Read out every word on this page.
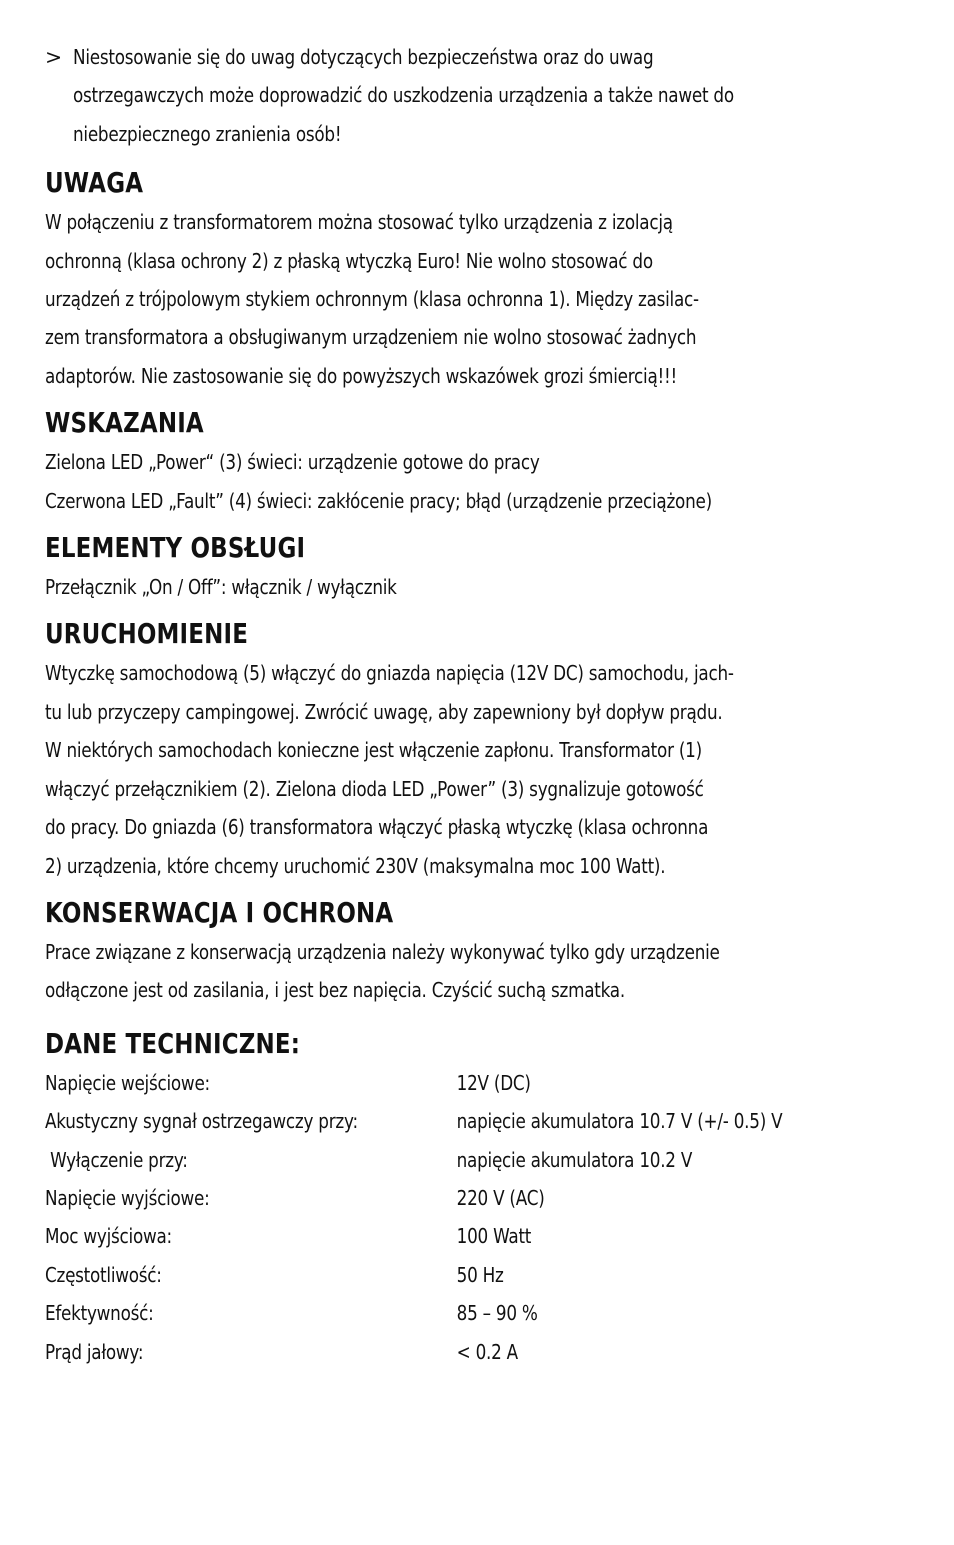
> Niestosowanie się do uwag dotyczących bezpieczeństwa oraz do uwag
ostrzegawczych może doprowadzić do uszkodzenia urządzenia a także nawet do
niebezpiecznego zranienia osób!
UWAGA
W połączeniu z transformatorem można stosować tylko urządzenia z izolacją
ochronną (klasa ochrony 2) z płaską wtyczką Euro! Nie wolno stosować do
urządzeń z trójpolowym stykiem ochronnym (klasa ochronna 1). Między zasilac-
zem transformatora a obsługiwanym urządzeniem nie wolno stosować żadnych
adaptorów. Nie zastosowanie się do powyższych wskazówek grozi śmiercią!!!
WSKAZANIA
Zielona LED „Power“ (3) świeci: urządzenie gotowe do pracy
Czerwona LED „Fault” (4) świeci: zakłócenie pracy; błąd (urządzenie przeciążone)
ELEMENTY OBSŁUGI
Przełącznik „On / Off”: włącznik / wyłącznik
URUCHOMIENIE
Wtyczkę samochodową (5) włączyć do gniazda napięcia (12V DC) samochodu, jach-
tu lub przyczepy campingowej. Zwrócić uwagę, aby zapewniony był dopływ prądu.
W niektórych samochodach konieczne jest włączenie zapłonu. Transformator (1)
włączyć przełącznikiem (2). Zielona dioda LED „Power” (3) sygnalizuje gotowość
do pracy. Do gniazda (6) transformatora włączyć płaską wtyczkę (klasa ochronna
2) urządzenia, które chcemy uruchomić 230V (maksymalna moc 100 Watt).
KONSERWACJA I OCHRONA
Prace związane z konserwacją urządzenia należy wykonywać tylko gdy urządzenie
odłączone jest od zasilania, i jest bez napięcia. Czyścić suchą szmatka.
DANE TECHNICZNE:
Napięcie wejściowe:	12V (DC)
Akustyczny sygnał ostrzegawczy przy:	napięcie akumulatora 10.7 V (+/- 0.5) V
Wyłączenie przy:	napięcie akumulatora 10.2 V
Napięcie wyjściowe:	220 V (AC)
Moc wyjściowa:	100 Watt
Częstotliwość:	50 Hz
Efektywność:	85 – 90 %
Prąd jałowy:	< 0.2 A
